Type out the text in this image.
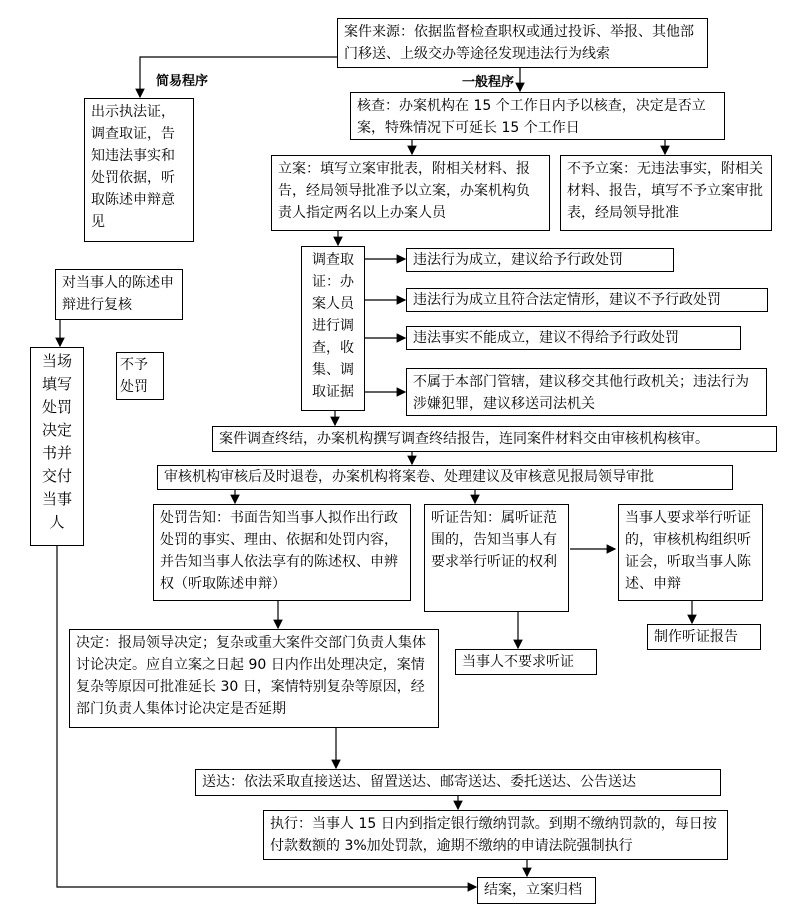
案件来源：依据监督检查职权或通过投诉、举报、其他部门移送、上级交办等途径发现违法行为线索
简易程序	一般程序
出示执法证，调查取证，告知违法事实和处罚依据，听取陈述申辩意见
对当事人的陈述申辩进行复核
不予处罚
当场填写处罚决定书并交付当事人
核查：办案机构在 15 个工作日内予以核查，决定是否立案，特殊情况下可延长 15 个工作日
立案：填写立案审批表，附相关材料、报告，经局领导批准予以立案，办案机构负责人指定两名以上办案人员
不予立案：无违法事实，附相关材料、报告，填写不予立案审批表，经局领导批准
调查取证：办案人员进行调查，收集、调取证据
违法行为成立，建议给予行政处罚
违法行为成立且符合法定情形，建议不予行政处罚
违法事实不能成立，建议不得给予行政处罚
不属于本部门管辖，建议移交其他行政机关；违法行为涉嫌犯罪，建议移送司法机关
案件调查终结，办案机构撰写调查终结报告，连同案件材料交由审核机构核审。
审核机构审核后及时退卷，办案机构将案卷、处理建议及审核意见报局领导审批
处罚告知：书面告知当事人拟作出行政处罚的事实、理由、依据和处罚内容，并告知当事人依法享有的陈述权、申辨权（听取陈述申辩）
听证告知：属听证范围的，告知当事人有要求举行听证的权利
当事人要求举行听证的，审核机构组织听证会，听取当事人陈述、申辩
制作听证报告
当事人不要求听证
决定：报局领导决定；复杂或重大案件交部门负责人集体讨论决定。应自立案之日起 90 日内作出处理决定，案情复杂等原因可批准延长 30 日，案情特别复杂等原因，经部门负责人集体讨论决定是否延期
送达：依法采取直接送达、留置送达、邮寄送达、委托送达、公告送达
执行：当事人 15 日内到指定银行缴纳罚款。到期不缴纳罚款的，每日按付款数额的 3%加处罚款，逾期不缴纳的申请法院强制执行
结案，立案归档
